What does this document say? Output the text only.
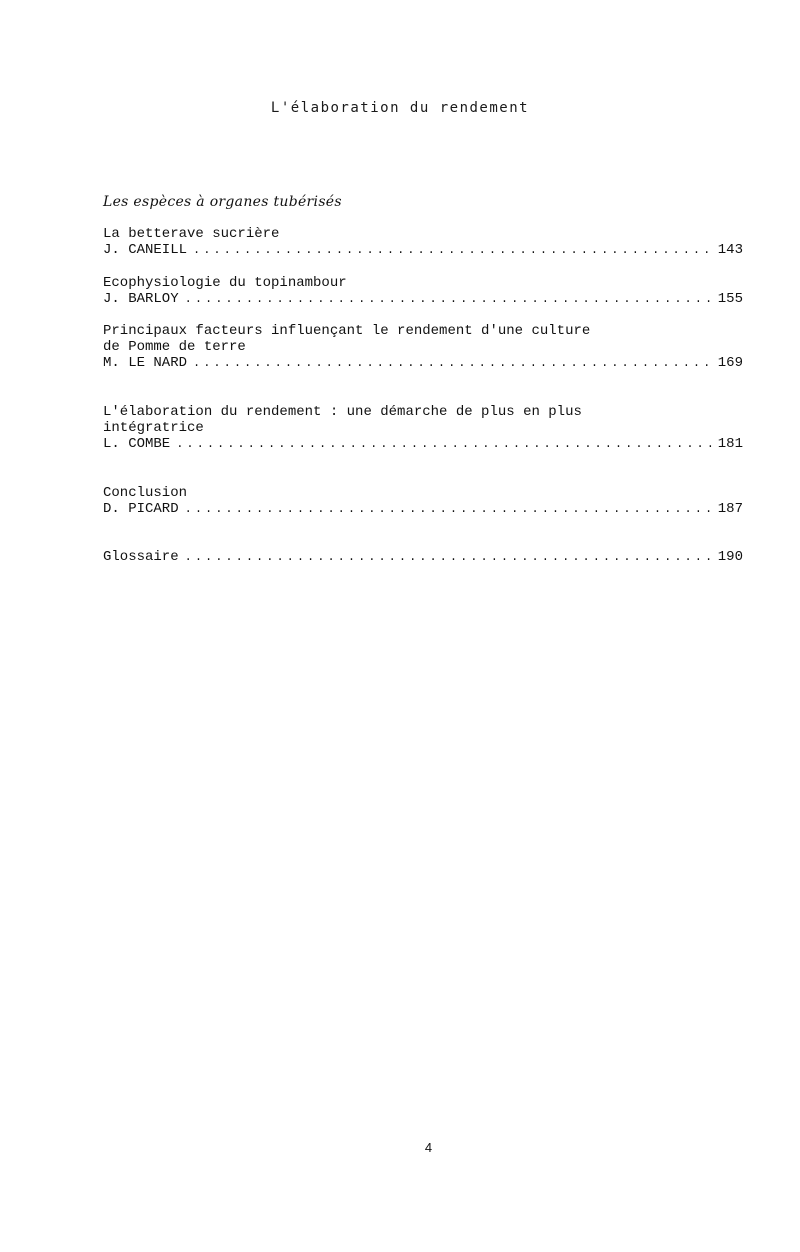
L'élaboration du rendement
Les espèces à organes tubérisés
La betterave sucrière
J. CANEILL . . .	143
Ecophysiologie du topinambour
J. BARLOY . . .	155
Principaux facteurs influençant le rendement d'une culture
de Pomme de terre
M. LE NARD . . .	169
L'élaboration du rendement : une démarche de plus en plus
intégratrice
L. COMBE . . .	181
Conclusion
D. PICARD . . .	187
Glossaire . . .	190
4
